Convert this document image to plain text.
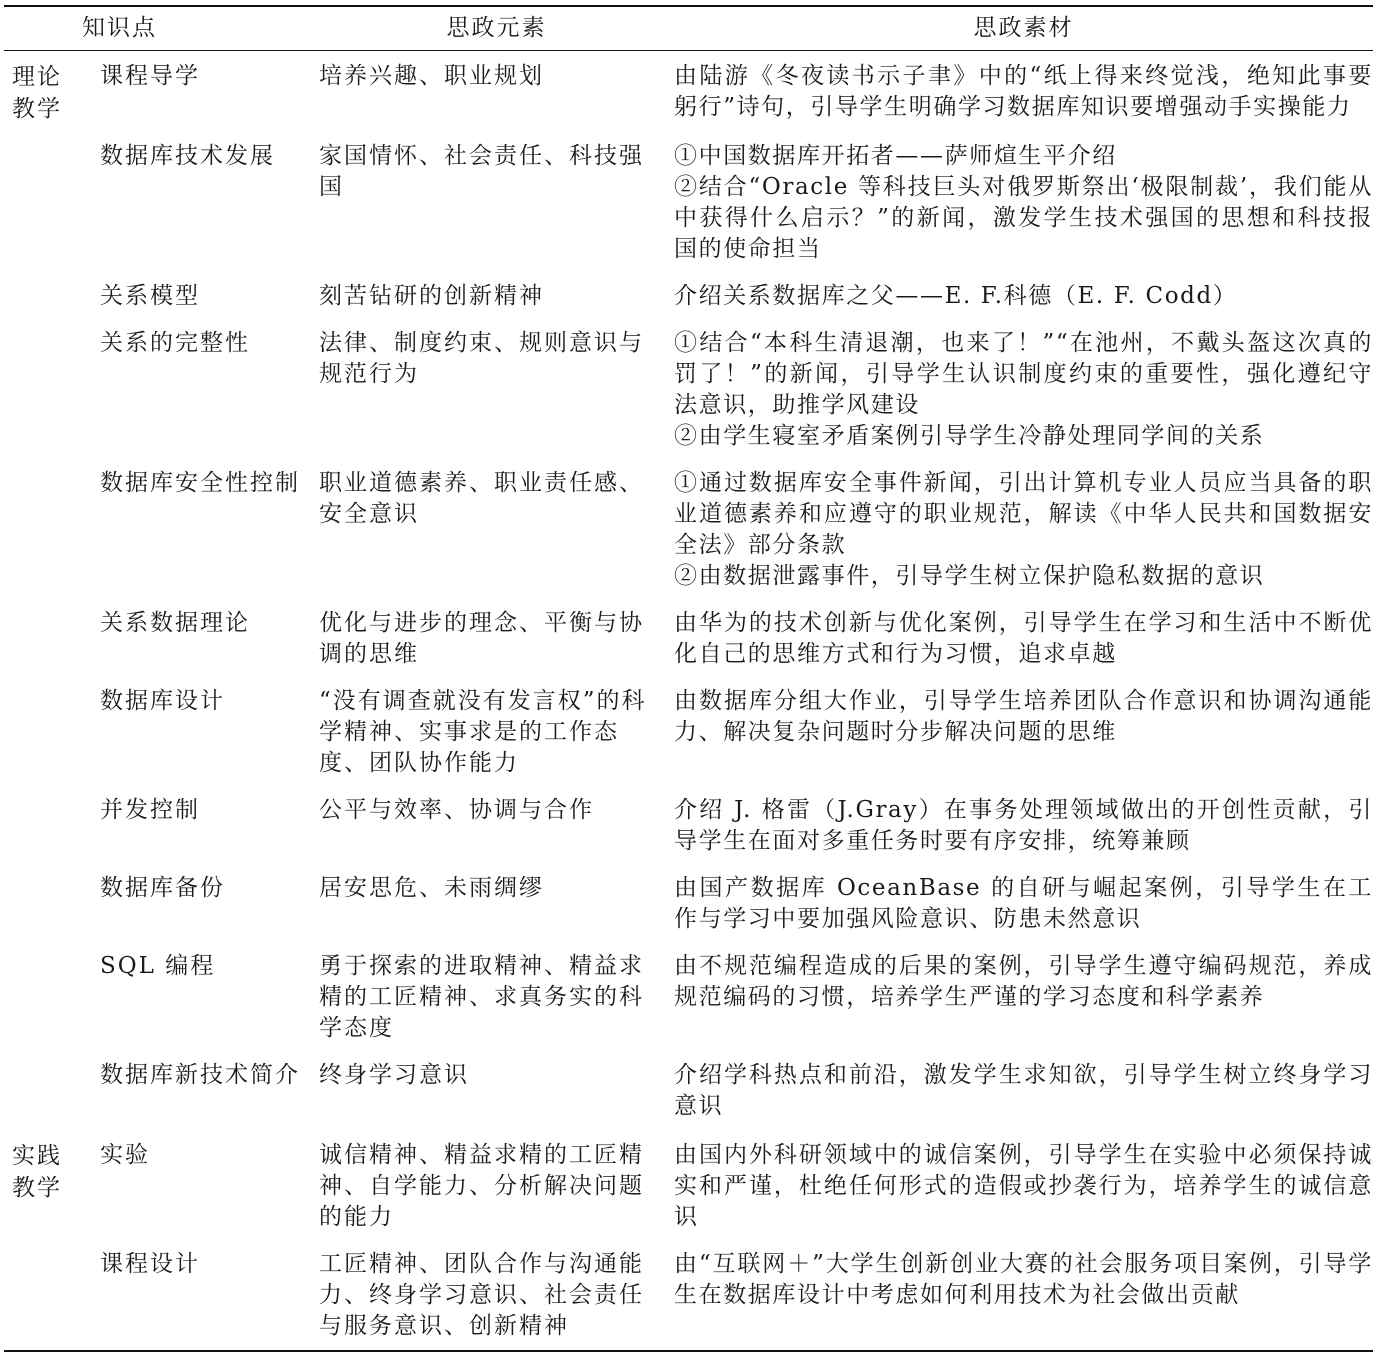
知识点		思政元素	思政素材

理论教学	课程导学	培养兴趣、职业规划	由陆游《冬夜读书示子聿》中的“纸上得来终觉浅，绝知此事要躬行”诗句，引导学生明确学习数据库知识要增强动手实操能力

	数据库技术发展	家国情怀、社会责任、科技强国	①中国数据库开拓者——萨师煊生平介绍
②结合“Oracle 等科技巨头对俄罗斯祭出‘极限制裁’，我们能从中获得什么启示？”的新闻，激发学生技术强国的思想和科技报国的使命担当

	关系模型	刻苦钻研的创新精神	介绍关系数据库之父——E. F.科德（E. F. Codd）

	关系的完整性	法律、制度约束、规则意识与规范行为	①结合“本科生清退潮，也来了！”“在池州，不戴头盔这次真的罚了！”的新闻，引导学生认识制度约束的重要性，强化遵纪守法意识，助推学风建设
②由学生寝室矛盾案例引导学生冷静处理同学间的关系

	数据库安全性控制	职业道德素养、职业责任感、安全意识	①通过数据库安全事件新闻，引出计算机专业人员应当具备的职业道德素养和应遵守的职业规范，解读《中华人民共和国数据安全法》部分条款
②由数据泄露事件，引导学生树立保护隐私数据的意识

	关系数据理论	优化与进步的理念、平衡与协调的思维	由华为的技术创新与优化案例，引导学生在学习和生活中不断优化自己的思维方式和行为习惯，追求卓越

	数据库设计	“没有调查就没有发言权”的科学精神、实事求是的工作态度、团队协作能力	由数据库分组大作业，引导学生培养团队合作意识和协调沟通能力、解决复杂问题时分步解决问题的思维

	并发控制	公平与效率、协调与合作	介绍 J. 格雷（J.Gray）在事务处理领域做出的开创性贡献，引导学生在面对多重任务时要有序安排，统筹兼顾

	数据库备份	居安思危、未雨绸缪	由国产数据库 OceanBase 的自研与崛起案例，引导学生在工作与学习中要加强风险意识、防患未然意识

	SQL 编程	勇于探索的进取精神、精益求精的工匠精神、求真务实的科学态度	由不规范编程造成的后果的案例，引导学生遵守编码规范，养成规范编码的习惯，培养学生严谨的学习态度和科学素养

	数据库新技术简介	终身学习意识	介绍学科热点和前沿，激发学生求知欲，引导学生树立终身学习意识

实践教学	实验	诚信精神、精益求精的工匠精神、自学能力、分析解决问题的能力	由国内外科研领域中的诚信案例，引导学生在实验中必须保持诚实和严谨，杜绝任何形式的造假或抄袭行为，培养学生的诚信意识

	课程设计	工匠精神、团队合作与沟通能力、终身学习意识、社会责任与服务意识、创新精神	由“互联网＋”大学生创新创业大赛的社会服务项目案例，引导学生在数据库设计中考虑如何利用技术为社会做出贡献
